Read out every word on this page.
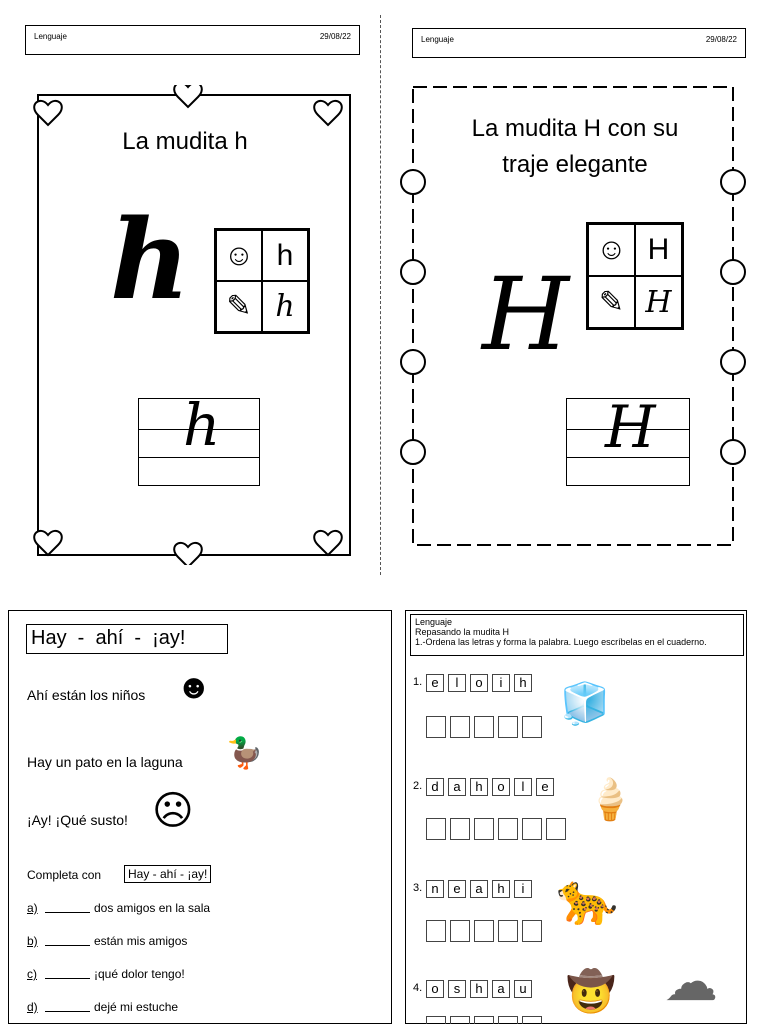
Lenguaje	29/08/22
La mudita h
h ☺ h
✎ h
h
Lenguaje	29/08/22
La mudita H con su
traje elegante
H
☺ H
✎ H
H
Hay  -  ahí  -  ¡ay!
Ahí están los niños ☻
Hay un pato en la laguna 🦆
¡Ay! ¡Qué susto! ☹
Completa con	Hay - ahí - ¡ay!
a)	dos amigos en la sala
b)	están mis amigos
c)	¡qué dolor tengo!
d)	dejé mi estuche
Lenguaje
Repasando la mudita H
1.-Ordena las letras y forma la palabra. Luego escríbelas en el cuaderno.
1. e	l	o	i	h 🧊
2. d	a	h	o	l	e 🍦
3. n	e	a	h	i 🐆
4. o	s	h	a	u 🤠 ☁
